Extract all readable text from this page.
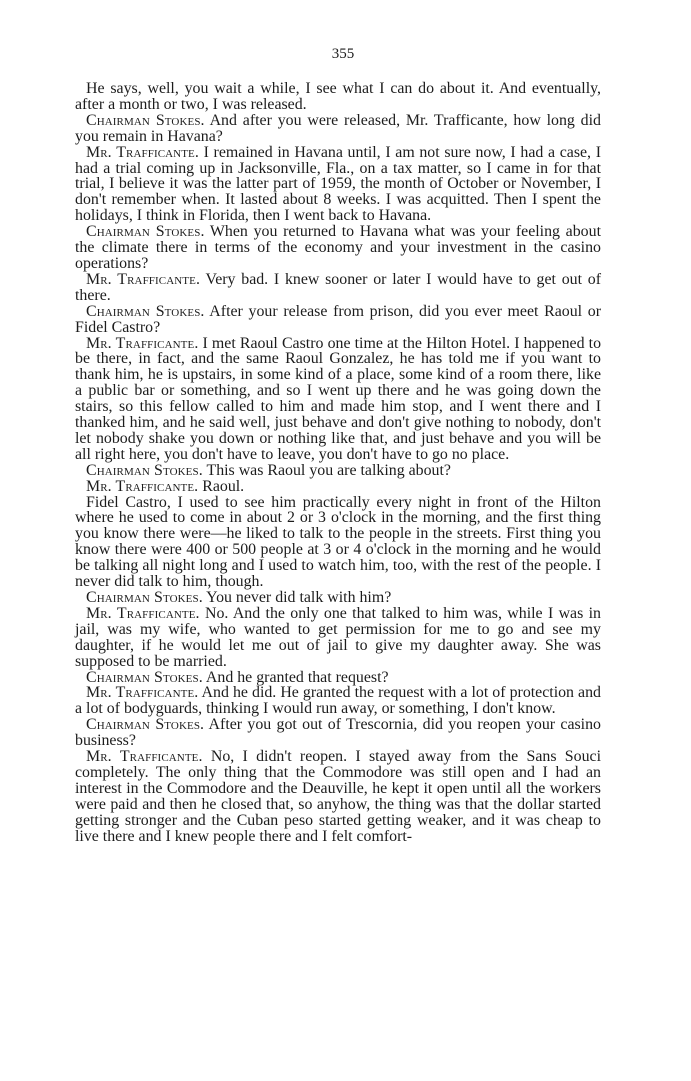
355

He says, well, you wait a while, I see what I can do about it. And eventually, after a month or two, I was released.

Chairman Stokes. And after you were released, Mr. Trafficante, how long did you remain in Havana?

Mr. Trafficante. I remained in Havana until, I am not sure now, I had a case, I had a trial coming up in Jacksonville, Fla., on a tax matter, so I came in for that trial, I believe it was the latter part of 1959, the month of October or November, I don't remember when. It lasted about 8 weeks. I was acquitted. Then I spent the holidays, I think in Florida, then I went back to Havana.

Chairman Stokes. When you returned to Havana what was your feeling about the climate there in terms of the economy and your investment in the casino operations?

Mr. Trafficante. Very bad. I knew sooner or later I would have to get out of there.

Chairman Stokes. After your release from prison, did you ever meet Raoul or Fidel Castro?

Mr. Trafficante. I met Raoul Castro one time at the Hilton Hotel. I happened to be there, in fact, and the same Raoul Gonzalez, he has told me if you want to thank him, he is upstairs, in some kind of a place, some kind of a room there, like a public bar or something, and so I went up there and he was going down the stairs, so this fellow called to him and made him stop, and I went there and I thanked him, and he said well, just behave and don't give nothing to nobody, don't let nobody shake you down or nothing like that, and just behave and you will be all right here, you don't have to leave, you don't have to go no place.

Chairman Stokes. This was Raoul you are talking about?

Mr. Trafficante. Raoul.

Fidel Castro, I used to see him practically every night in front of the Hilton where he used to come in about 2 or 3 o'clock in the morning, and the first thing you know there were—he liked to talk to the people in the streets. First thing you know there were 400 or 500 people at 3 or 4 o'clock in the morning and he would be talking all night long and I used to watch him, too, with the rest of the people. I never did talk to him, though.

Chairman Stokes. You never did talk with him?

Mr. Trafficante. No. And the only one that talked to him was, while I was in jail, was my wife, who wanted to get permission for me to go and see my daughter, if he would let me out of jail to give my daughter away. She was supposed to be married.

Chairman Stokes. And he granted that request?

Mr. Trafficante. And he did. He granted the request with a lot of protection and a lot of bodyguards, thinking I would run away, or something, I don't know.

Chairman Stokes. After you got out of Trescornia, did you reopen your casino business?

Mr. Trafficante. No, I didn't reopen. I stayed away from the Sans Souci completely. The only thing that the Commodore was still open and I had an interest in the Commodore and the Deauville, he kept it open until all the workers were paid and then he closed that, so anyhow, the thing was that the dollar started getting stronger and the Cuban peso started getting weaker, and it was cheap to live there and I knew people there and I felt comfort-
